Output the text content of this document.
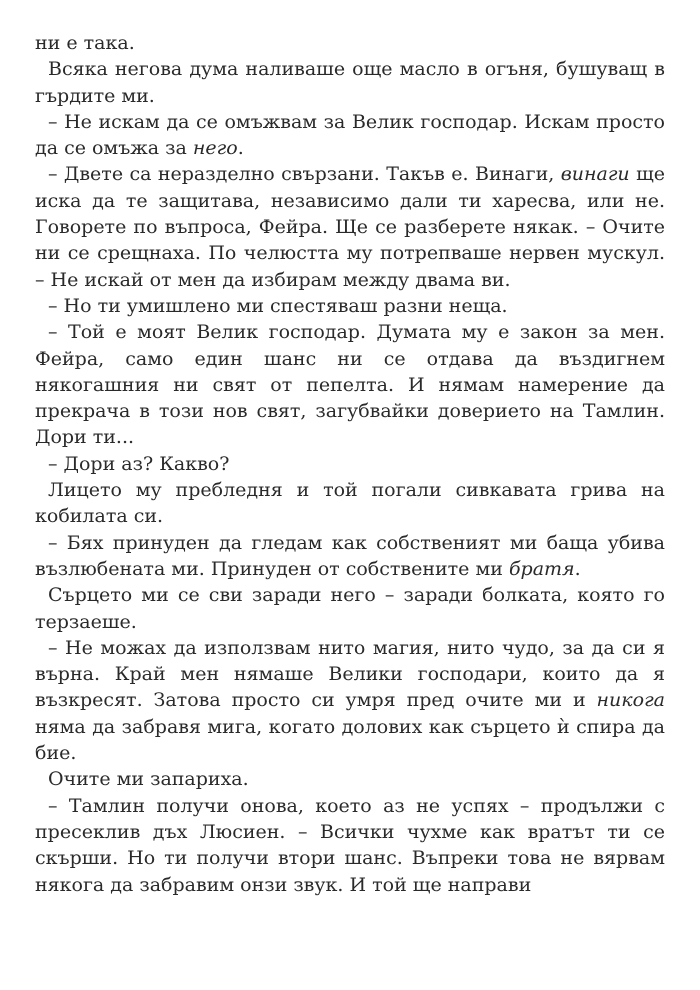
ни е така.

Всяка негова дума наливаше още масло в огъня, бушуващ в гърдите ми.

– Не искам да се омъжвам за Велик господар. Искам просто да се омъжа за него.

– Двете са неразделно свързани. Такъв е. Винаги, винаги ще иска да те защитава, независимо дали ти харесва, или не. Говорете по въпроса, Фейра. Ще се разберете някак. – Очите ни се срещнаха. По челюстта му потрепваше нервен мускул. – Не искай от мен да избирам между двама ви.

– Но ти умишлено ми спестяваш разни неща.

– Той е моят Велик господар. Думата му е закон за мен. Фейра, само един шанс ни се отдава да въздигнем някогашния ни свят от пепелта. И нямам намерение да прекрача в този нов свят, загубвайки доверието на Тамлин. Дори ти...

– Дори аз? Какво?

Лицето му пребледня и той погали сивкавата грива на кобилата си.

– Бях принуден да гледам как собственият ми баща убива възлюбената ми. Принуден от собствените ми братя.

Сърцето ми се сви заради него – заради болката, която го терзаеше.

– Не можах да използвам нито магия, нито чудо, за да си я върна. Край мен нямаше Велики господари, които да я възкресят. Затова просто си умря пред очите ми и никога няма да забравя мига, когато долових как сърцето ѝ спира да бие.

Очите ми запариха.

– Тамлин получи онова, което аз не успях – продължи с пресеклив дъх Люсиен. – Всички чухме как вратът ти се скърши. Но ти получи втори шанс. Въпреки това не вярвам някога да забравим онзи звук. И той ще направи
